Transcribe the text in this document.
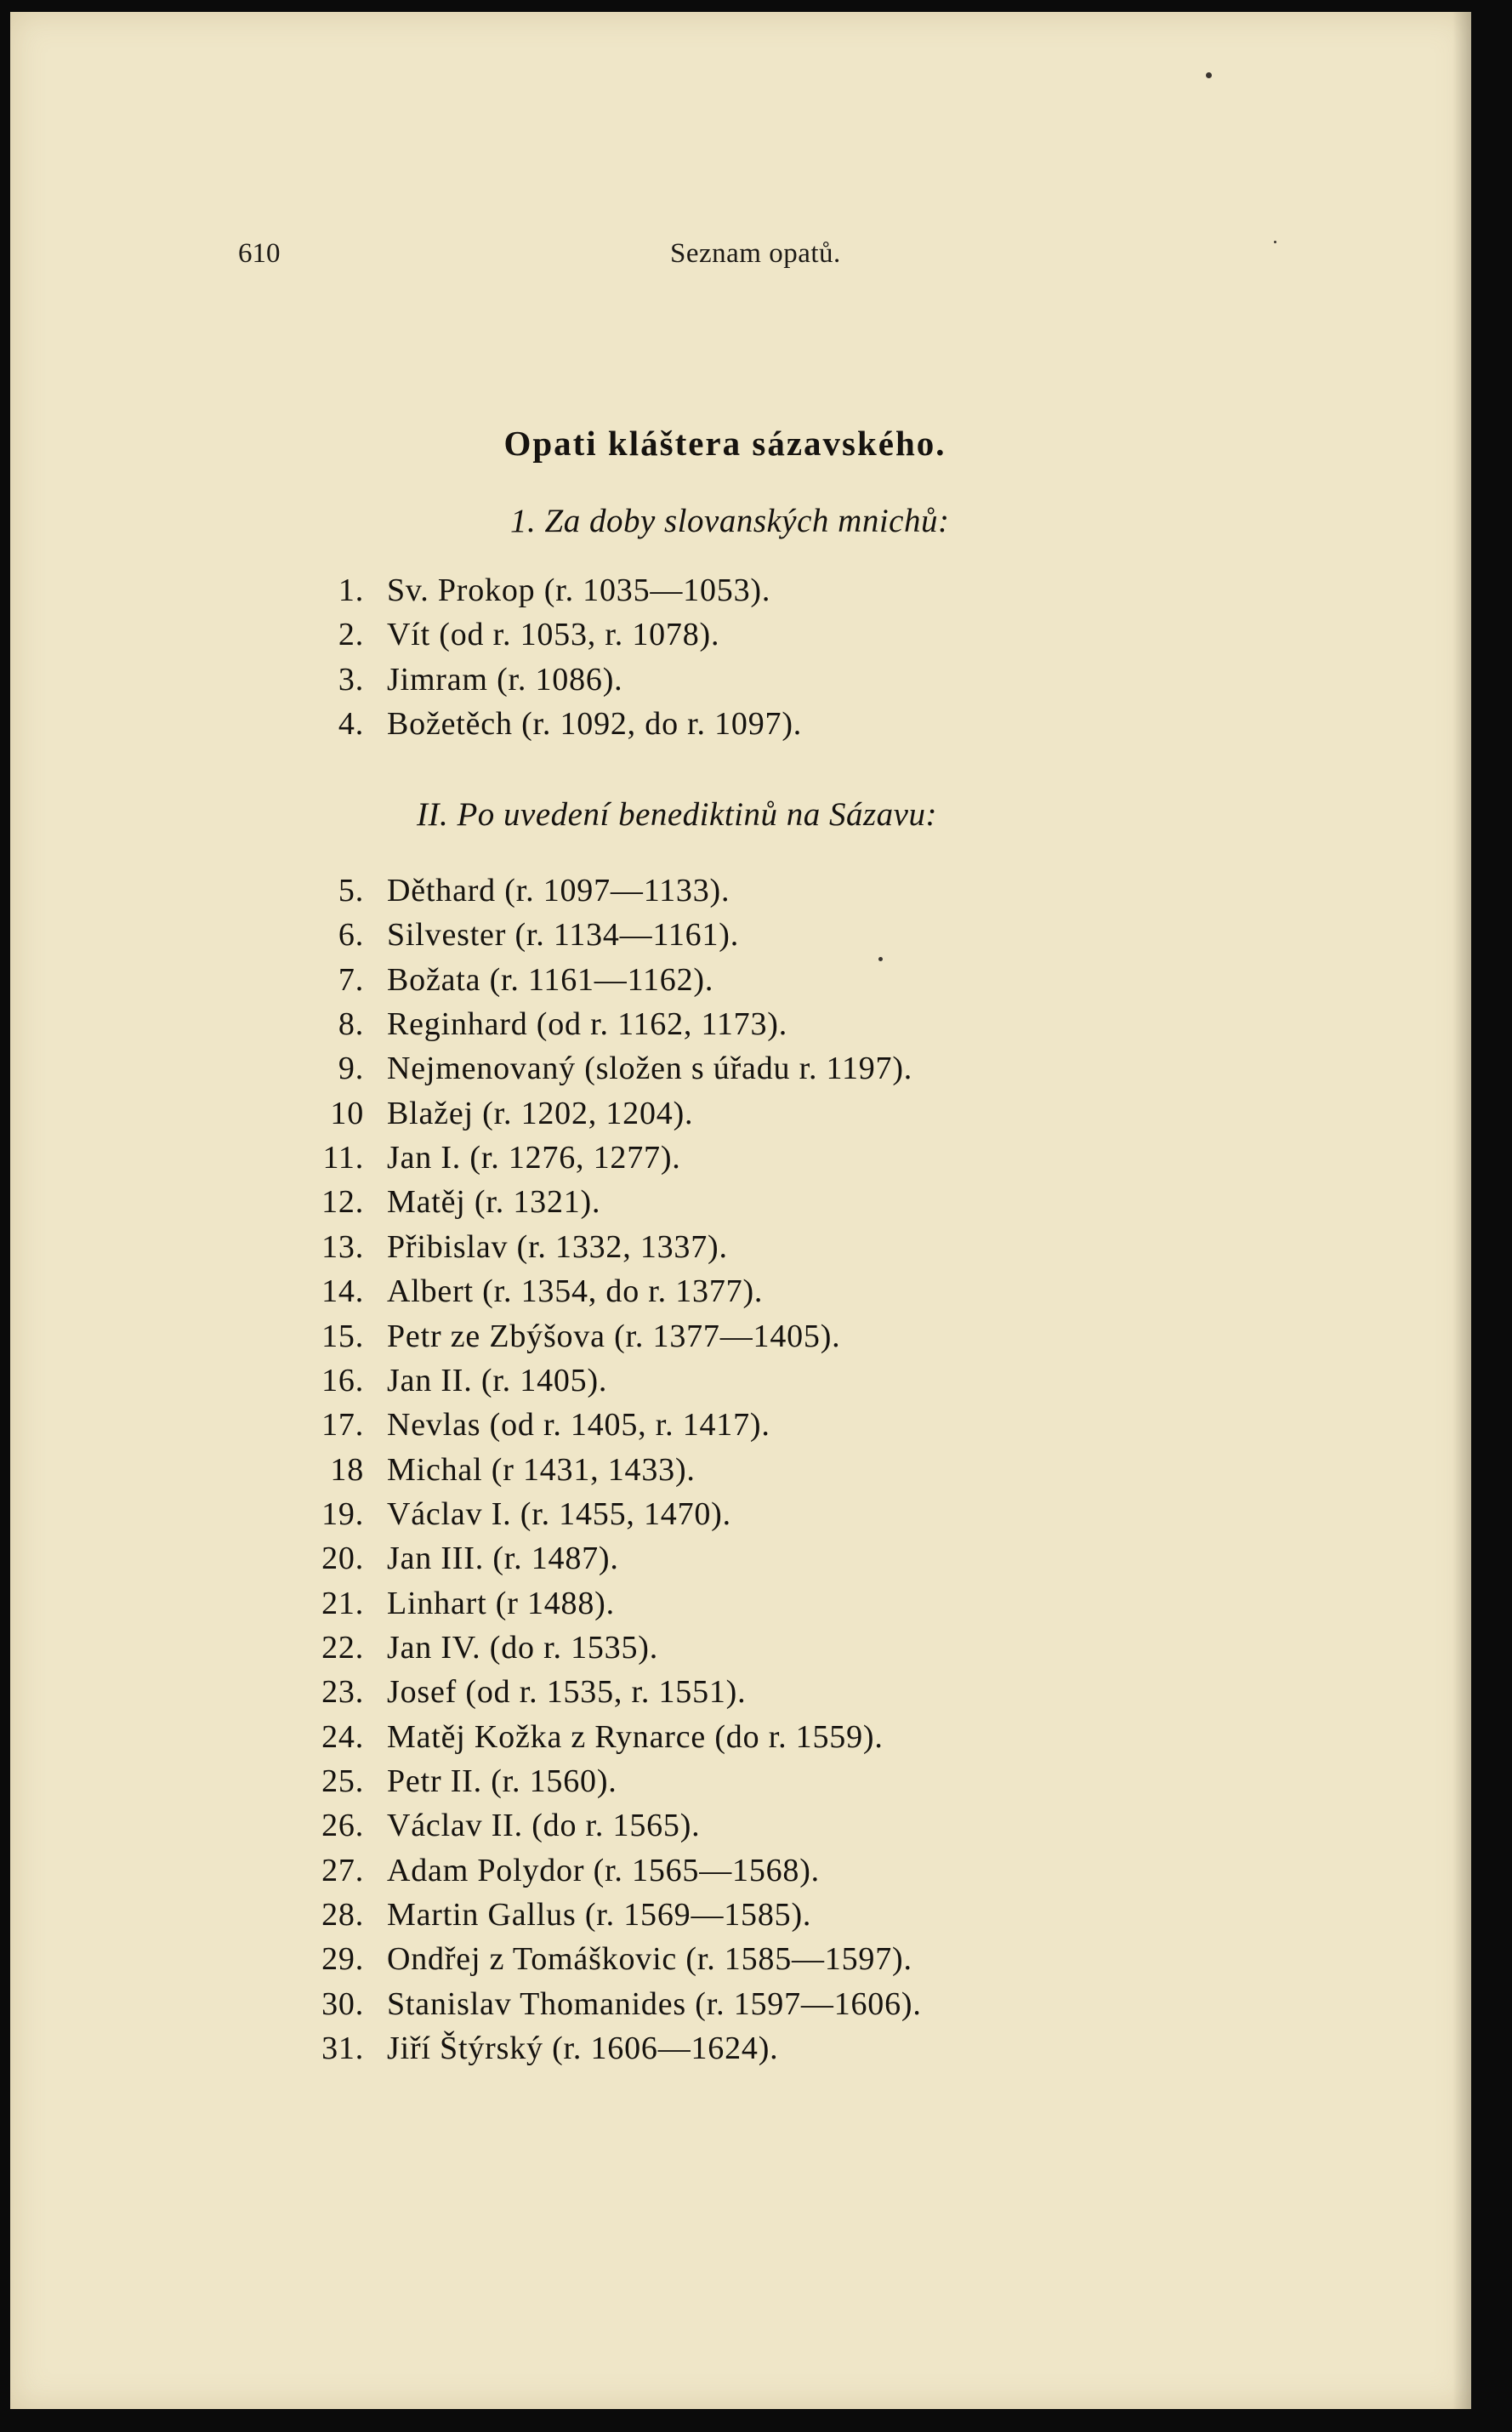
610	Seznam opatů.
Opati kláštera sázavského.
1. Za doby slovanských mnichů:
II. Po uvedení benediktinů na Sázavu:
1. Sv. Prokop (r. 1035—1053).
2. Vít (od r. 1053, r. 1078).
3. Jimram (r. 1086).
4. Božetěch (r. 1092, do r. 1097).
5. Děthard (r. 1097—1133).
6. Silvester (r. 1134—1161).
7. Božata (r. 1161—1162).
8. Reginhard (od r. 1162, 1173).
9. Nejmenovaný (složen s úřadu r. 1197).
10 Blažej (r. 1202, 1204).
11. Jan I. (r. 1276, 1277).
12. Matěj (r. 1321).
13. Přibislav (r. 1332, 1337).
14. Albert (r. 1354, do r. 1377).
15. Petr ze Zbýšova (r. 1377—1405).
16. Jan II. (r. 1405).
17. Nevlas (od r. 1405, r. 1417).
18 Michal (r 1431, 1433).
19. Václav I. (r. 1455, 1470).
20. Jan III. (r. 1487).
21. Linhart (r 1488).
22. Jan IV. (do r. 1535).
23. Josef (od r. 1535, r. 1551).
24. Matěj Kožka z Rynarce (do r. 1559).
25. Petr II. (r. 1560).
26. Václav II. (do r. 1565).
27. Adam Polydor (r. 1565—1568).
28. Martin Gallus (r. 1569—1585).
29. Ondřej z Tomáškovic (r. 1585—1597).
30. Stanislav Thomanides (r. 1597—1606).
31. Jiří Štýrský (r. 1606—1624).
